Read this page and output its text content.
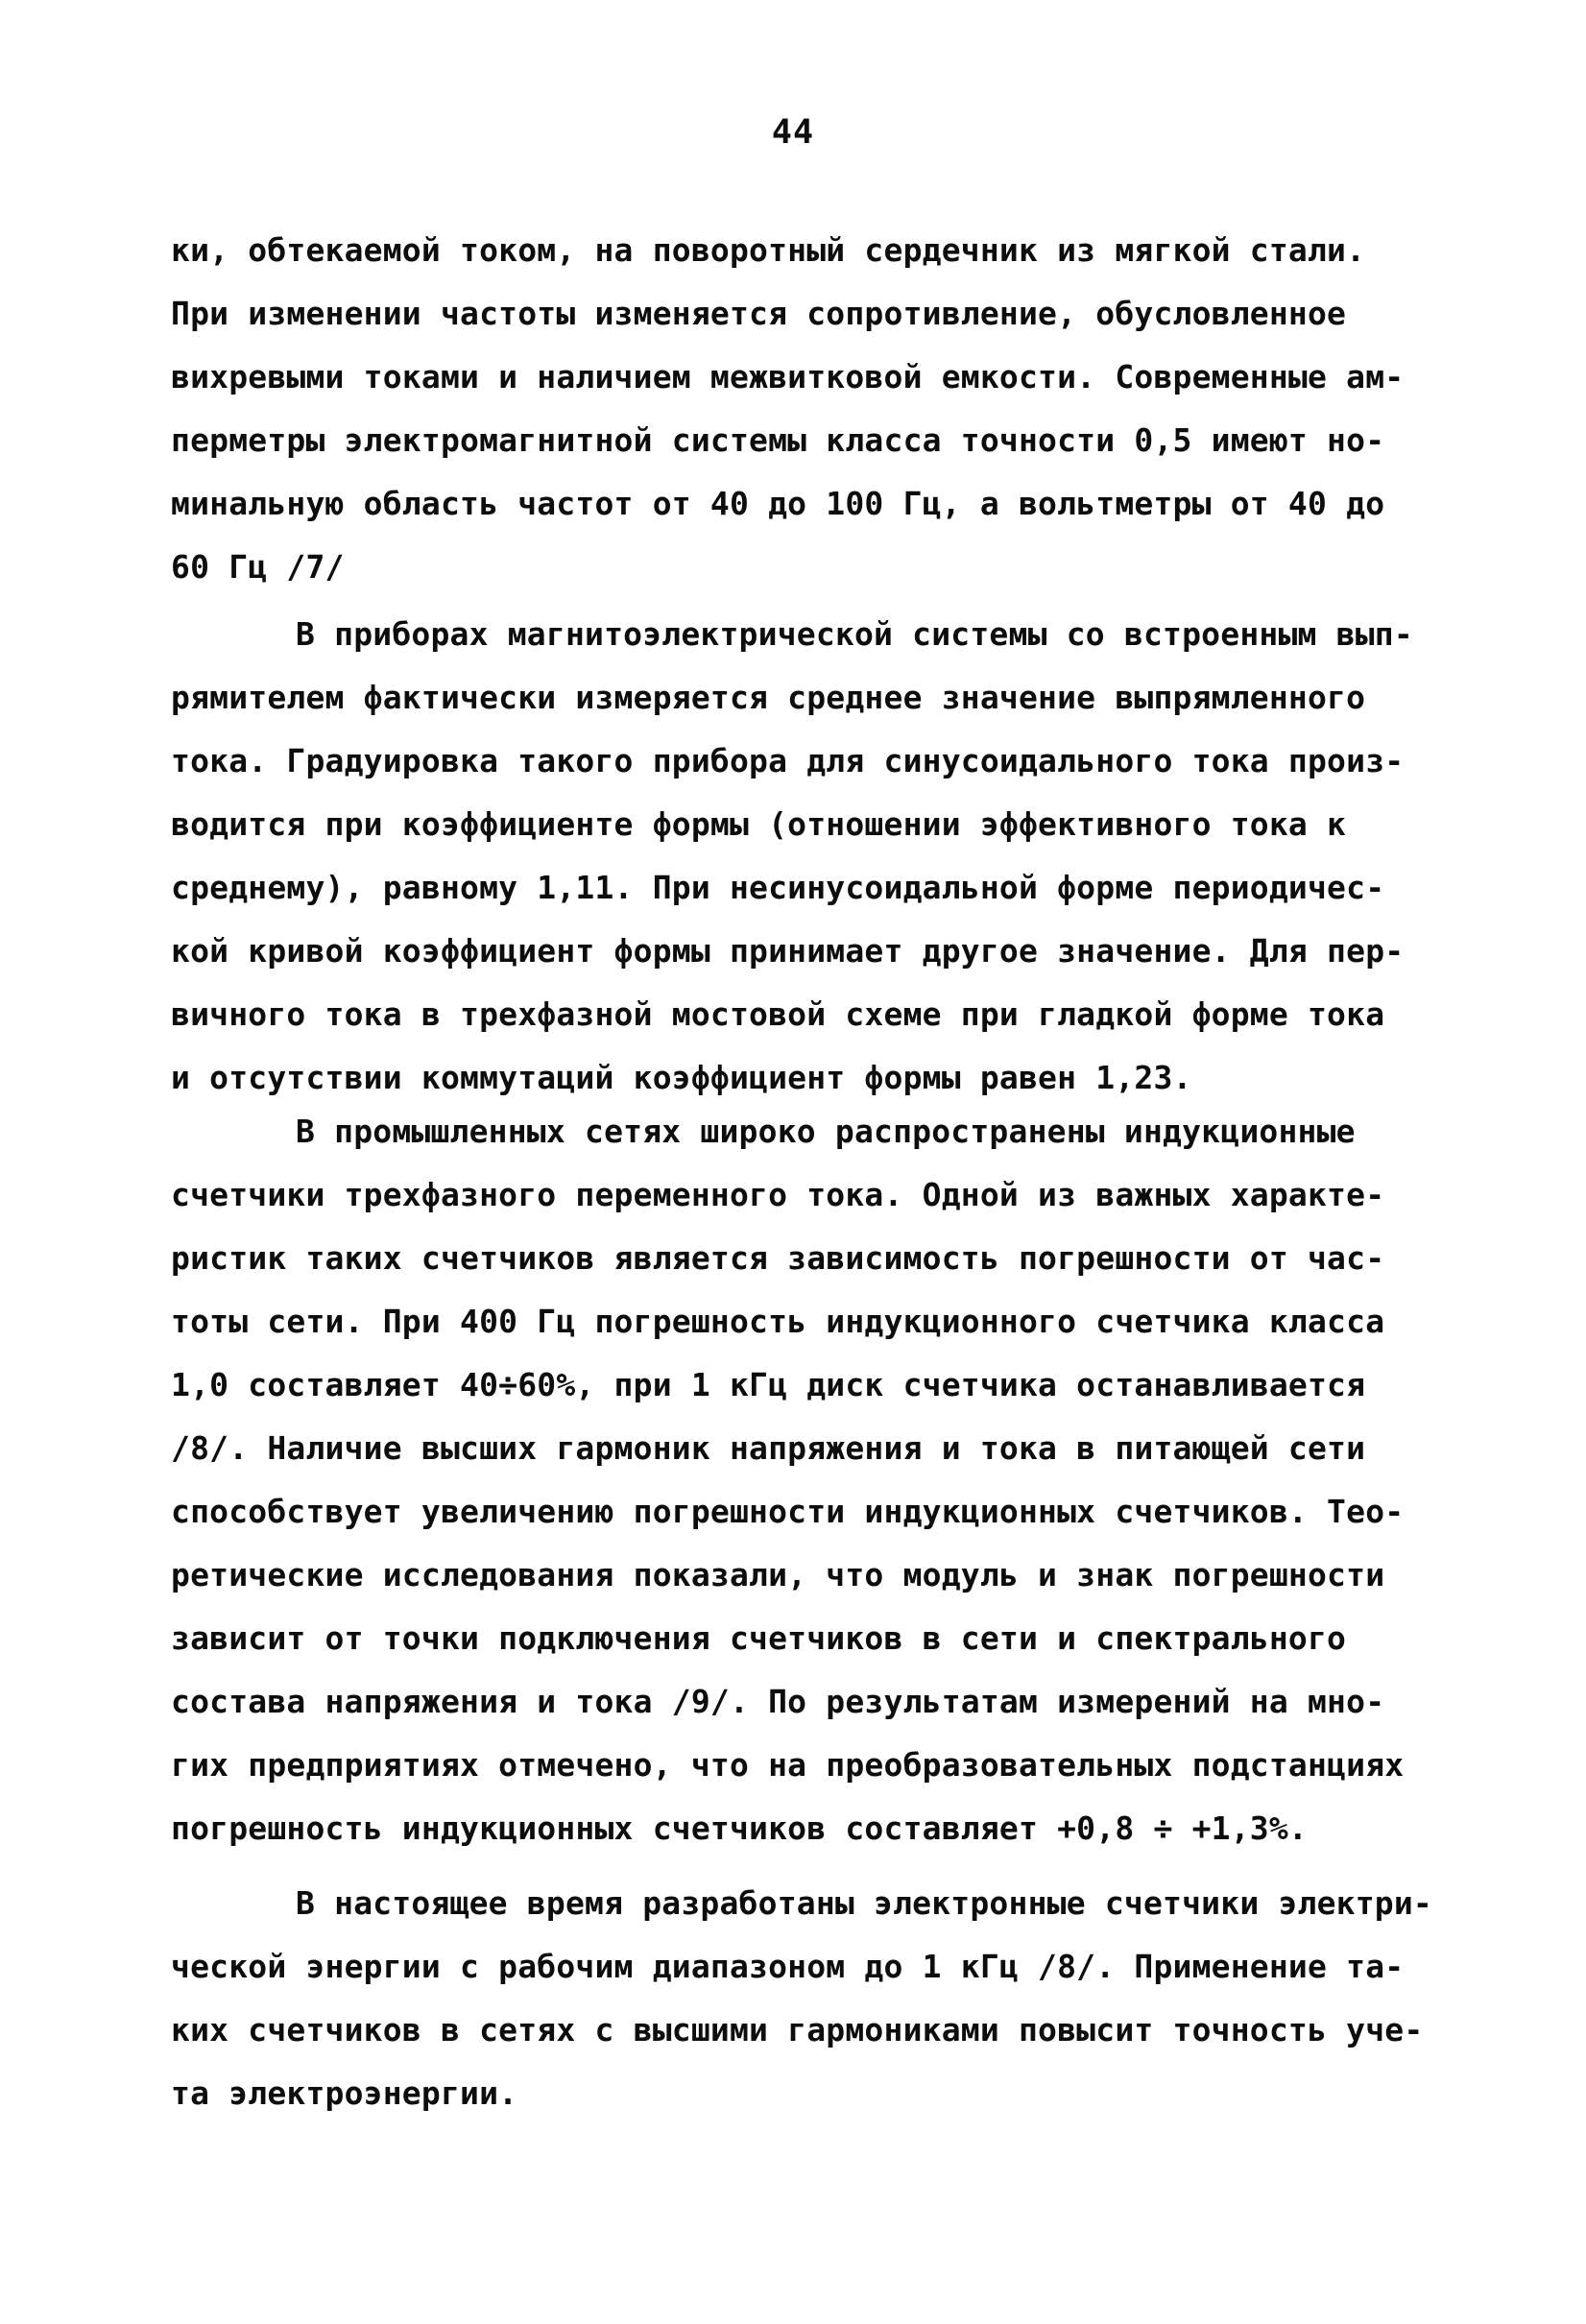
44
ки, обтекаемой током, на поворотный сердечник из мягкой стали.
При изменении частоты изменяется сопротивление, обусловленное
вихревыми токами и наличием межвитковой емкости. Современные ам-
перметры электромагнитной системы класса точности 0,5 имеют но-
минальную область частот от 40 до 100 Гц, а вольтметры от 40 до
60 Гц /7/
В приборах магнитоэлектрической системы со встроенным вып-
рямителем фактически измеряется среднее значение выпрямленного
тока. Градуировка такого прибора для синусоидального тока произ-
водится при коэффициенте формы (отношении эффективного тока к
среднему), равному 1,11. При несинусоидальной форме периодичес-
кой кривой коэффициент формы принимает другое значение. Для пер-
вичного тока в трехфазной мостовой схеме при гладкой форме тока
и отсутствии коммутаций коэффициент формы равен 1,23.
В промышленных сетях широко распространены индукционные
счетчики трехфазного переменного тока. Одной из важных характе-
ристик таких счетчиков является зависимость погрешности от час-
тоты сети. При 400 Гц погрешность индукционного счетчика класса
1,0 составляет 40÷60%, при 1 кГц диск счетчика останавливается
/8/. Наличие высших гармоник напряжения и тока в питающей сети
способствует увеличению погрешности индукционных счетчиков. Тео-
ретические исследования показали, что модуль и знак погрешности
зависит от точки подключения счетчиков в сети и спектрального
состава напряжения и тока /9/. По результатам измерений на мно-
гих предприятиях отмечено, что на преобразовательных подстанциях
погрешность индукционных счетчиков составляет +0,8 ÷ +1,3%.
В настоящее время разработаны электронные счетчики электри-
ческой энергии с рабочим диапазоном до 1 кГц /8/. Применение та-
ких счетчиков в сетях с высшими гармониками повысит точность уче-
та электроэнергии.
